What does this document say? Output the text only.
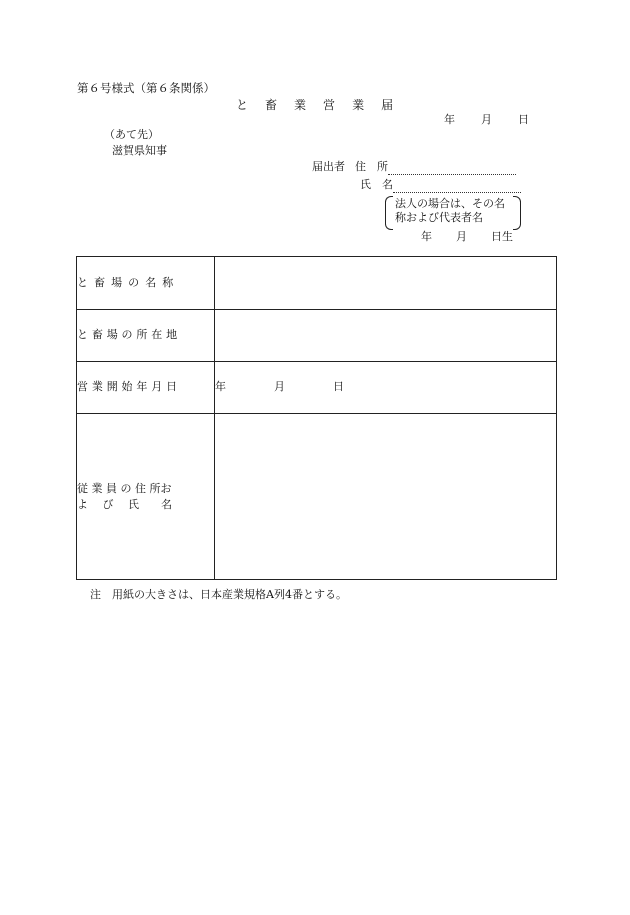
第６号様式（第６条関係）
と 畜 業 営 業 届
年 月 日
（あて先）
滋賀県知事
届出者 住　所
氏　名
法人の場合は、その名
称および代表者名
年 月 日生
と畜場の名称	
と畜場の所在地	
営業開始年月日	年 月 日

従 業 員 の 住 所お
よ　 び　 氏　　名	

注　用紙の大きさは、日本産業規格A列4番とする。
